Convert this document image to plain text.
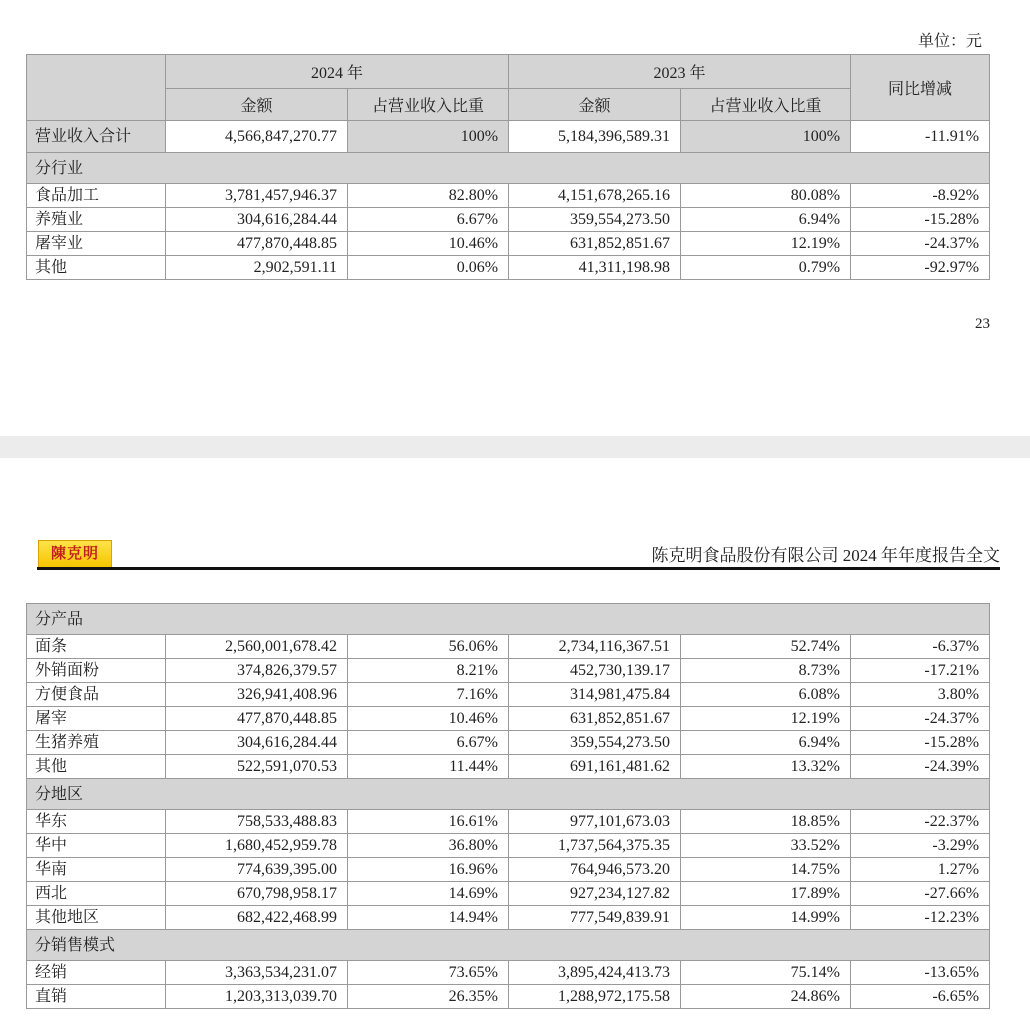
单位：元
	2024 年		2023 年		同比增减
	金额	占营业收入比重	金额	占营业收入比重	
营业收入合计	4,566,847,270.77	100%	5,184,396,589.31	100%	-11.91%
分行业					
食品加工	3,781,457,946.37	82.80%	4,151,678,265.16	80.08%	-8.92%
养殖业	304,616,284.44	6.67%	359,554,273.50	6.94%	-15.28%
屠宰业	477,870,448.85	10.46%	631,852,851.67	12.19%	-24.37%
其他	2,902,591.11	0.06%	41,311,198.98	0.79%	-92.97%
23
陳克明	陈克明食品股份有限公司 2024 年年度报告全文
分产品					
面条	2,560,001,678.42	56.06%	2,734,116,367.51	52.74%	-6.37%
外销面粉	374,826,379.57	8.21%	452,730,139.17	8.73%	-17.21%
方便食品	326,941,408.96	7.16%	314,981,475.84	6.08%	3.80%
屠宰	477,870,448.85	10.46%	631,852,851.67	12.19%	-24.37%
生猪养殖	304,616,284.44	6.67%	359,554,273.50	6.94%	-15.28%
其他	522,591,070.53	11.44%	691,161,481.62	13.32%	-24.39%
分地区					
华东	758,533,488.83	16.61%	977,101,673.03	18.85%	-22.37%
华中	1,680,452,959.78	36.80%	1,737,564,375.35	33.52%	-3.29%
华南	774,639,395.00	16.96%	764,946,573.20	14.75%	1.27%
西北	670,798,958.17	14.69%	927,234,127.82	17.89%	-27.66%
其他地区	682,422,468.99	14.94%	777,549,839.91	14.99%	-12.23%
分销售模式					
经销	3,363,534,231.07	73.65%	3,895,424,413.73	75.14%	-13.65%
直销	1,203,313,039.70	26.35%	1,288,972,175.58	24.86%	-6.65%
